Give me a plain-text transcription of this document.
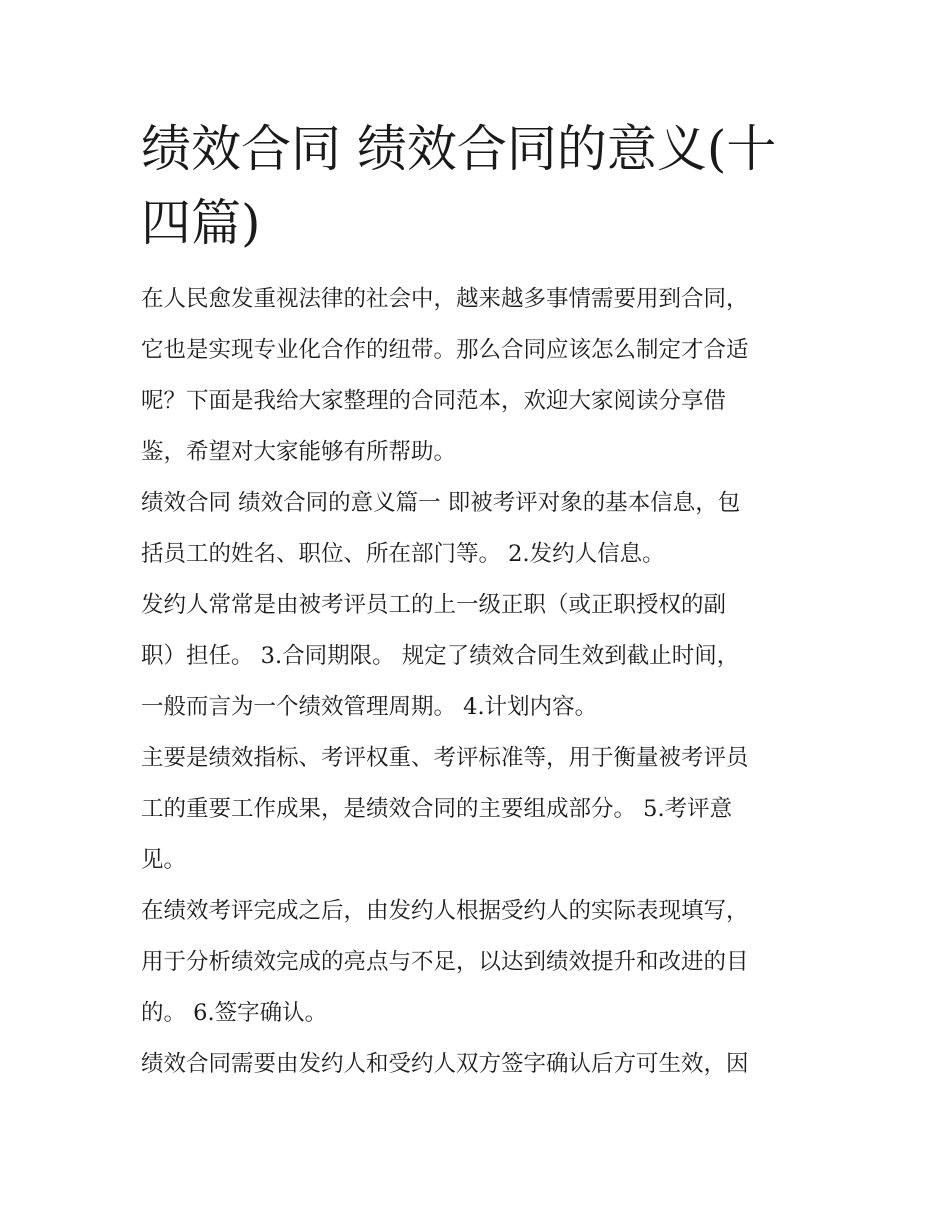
绩效合同 绩效合同的意义(十
四篇)

在人民愈发重视法律的社会中，越来越多事情需要用到合同，
它也是实现专业化合作的纽带。那么合同应该怎么制定才合适
呢？下面是我给大家整理的合同范本，欢迎大家阅读分享借
鉴，希望对大家能够有所帮助。

绩效合同 绩效合同的意义篇一 即被考评对象的基本信息，包
括员工的姓名、职位、所在部门等。 2.发约人信息。

发约人常常是由被考评员工的上一级正职（或正职授权的副
职）担任。 3.合同期限。 规定了绩效合同生效到截止时间，
一般而言为一个绩效管理周期。 4.计划内容。

主要是绩效指标、考评权重、考评标准等，用于衡量被考评员
工的重要工作成果，是绩效合同的主要组成部分。 5.考评意
见。

在绩效考评完成之后，由发约人根据受约人的实际表现填写，
用于分析绩效完成的亮点与不足，以达到绩效提升和改进的目
的。 6.签字确认。

绩效合同需要由发约人和受约人双方签字确认后方可生效，因
